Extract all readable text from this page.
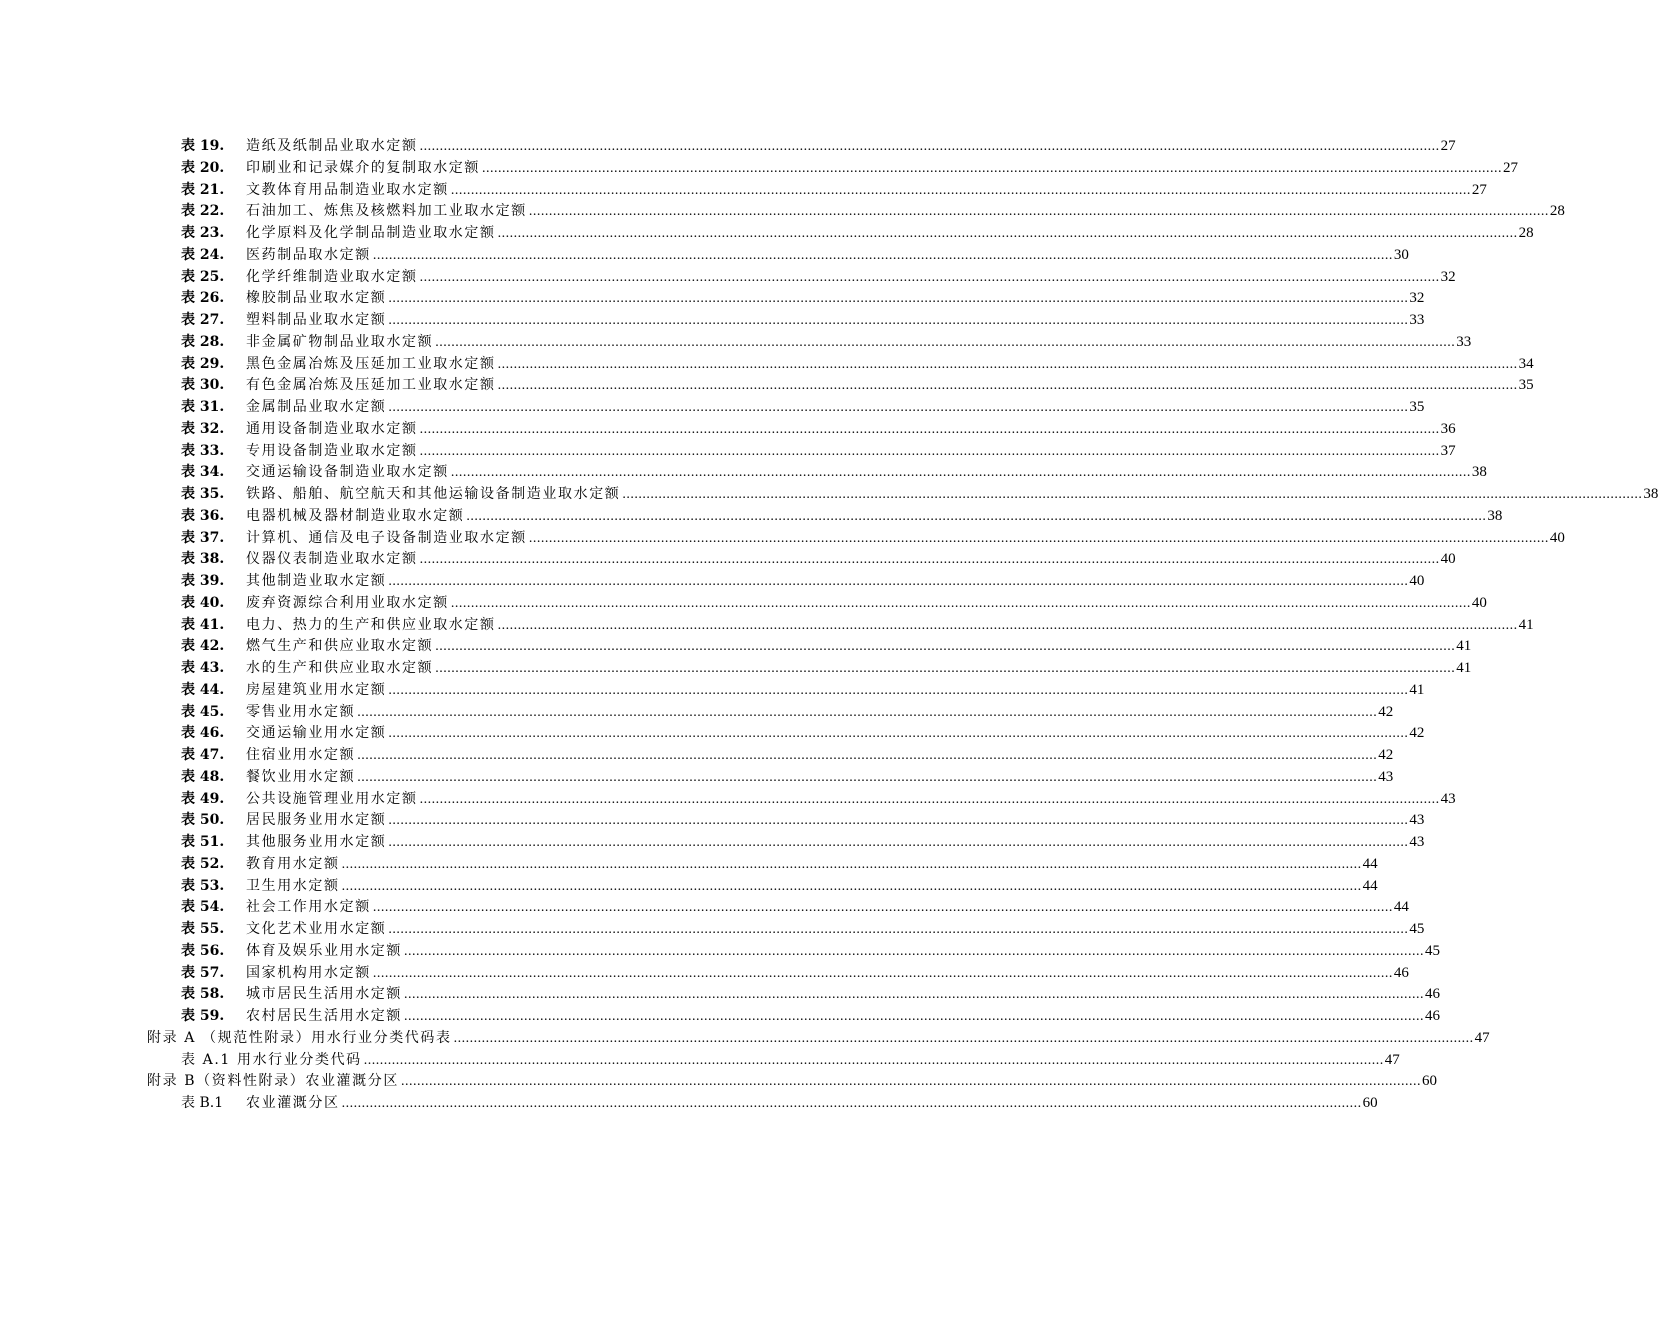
表 19. 造纸及纸制品业取水定额 ............................................................................................................................................................................................................................................................... 27
表 20. 印刷业和记录媒介的复制取水定额 ............................................................................................................................................................................................................................................................... 27
表 21. 文教体育用品制造业取水定额 ............................................................................................................................................................................................................................................................... 27
表 22. 石油加工、炼焦及核燃料加工业取水定额 ............................................................................................................................................................................................................................................................... 28
表 23. 化学原料及化学制品制造业取水定额 ............................................................................................................................................................................................................................................................... 28
表 24. 医药制品取水定额 ............................................................................................................................................................................................................................................................... 30
表 25. 化学纤维制造业取水定额 ............................................................................................................................................................................................................................................................... 32
表 26. 橡胶制品业取水定额 ............................................................................................................................................................................................................................................................... 32
表 27. 塑料制品业取水定额 ............................................................................................................................................................................................................................................................... 33
表 28. 非金属矿物制品业取水定额 ............................................................................................................................................................................................................................................................... 33
表 29. 黑色金属冶炼及压延加工业取水定额 ............................................................................................................................................................................................................................................................... 34
表 30. 有色金属冶炼及压延加工业取水定额 ............................................................................................................................................................................................................................................................... 35
表 31. 金属制品业取水定额 ............................................................................................................................................................................................................................................................... 35
表 32. 通用设备制造业取水定额 ............................................................................................................................................................................................................................................................... 36
表 33. 专用设备制造业取水定额 ............................................................................................................................................................................................................................................................... 37
表 34. 交通运输设备制造业取水定额 ............................................................................................................................................................................................................................................................... 38
表 35. 铁路、船舶、航空航天和其他运输设备制造业取水定额 ............................................................................................................................................................................................................................................................... 38
表 36. 电器机械及器材制造业取水定额 ............................................................................................................................................................................................................................................................... 38
表 37. 计算机、通信及电子设备制造业取水定额 ............................................................................................................................................................................................................................................................... 40
表 38. 仪器仪表制造业取水定额 ............................................................................................................................................................................................................................................................... 40
表 39. 其他制造业取水定额 ............................................................................................................................................................................................................................................................... 40
表 40. 废弃资源综合利用业取水定额 ............................................................................................................................................................................................................................................................... 40
表 41. 电力、热力的生产和供应业取水定额 ............................................................................................................................................................................................................................................................... 41
表 42. 燃气生产和供应业取水定额 ............................................................................................................................................................................................................................................................... 41
表 43. 水的生产和供应业取水定额 ............................................................................................................................................................................................................................................................... 41
表 44. 房屋建筑业用水定额 ............................................................................................................................................................................................................................................................... 41
表 45. 零售业用水定额 ............................................................................................................................................................................................................................................................... 42
表 46. 交通运输业用水定额 ............................................................................................................................................................................................................................................................... 42
表 47. 住宿业用水定额 ............................................................................................................................................................................................................................................................... 42
表 48. 餐饮业用水定额 ............................................................................................................................................................................................................................................................... 43
表 49. 公共设施管理业用水定额 ............................................................................................................................................................................................................................................................... 43
表 50. 居民服务业用水定额 ............................................................................................................................................................................................................................................................... 43
表 51. 其他服务业用水定额 ............................................................................................................................................................................................................................................................... 43
表 52. 教育用水定额 ............................................................................................................................................................................................................................................................... 44
表 53. 卫生用水定额 ............................................................................................................................................................................................................................................................... 44
表 54. 社会工作用水定额 ............................................................................................................................................................................................................................................................... 44
表 55. 文化艺术业用水定额 ............................................................................................................................................................................................................................................................... 45
表 56. 体育及娱乐业用水定额 ............................................................................................................................................................................................................................................................... 45
表 57. 国家机构用水定额 ............................................................................................................................................................................................................................................................... 46
表 58. 城市居民生活用水定额 ............................................................................................................................................................................................................................................................... 46
表 59. 农村居民生活用水定额 ............................................................................................................................................................................................................................................................... 46
附录 A （规范性附录）用水行业分类代码表 ............................................................................................................................................................................................................................................................... 47
表 A.1 用水行业分类代码 ............................................................................................................................................................................................................................................................... 47
附录 B（资料性附录）农业灌溉分区 ............................................................................................................................................................................................................................................................... 60
表 B.1 农业灌溉分区 ............................................................................................................................................................................................................................................................... 60
